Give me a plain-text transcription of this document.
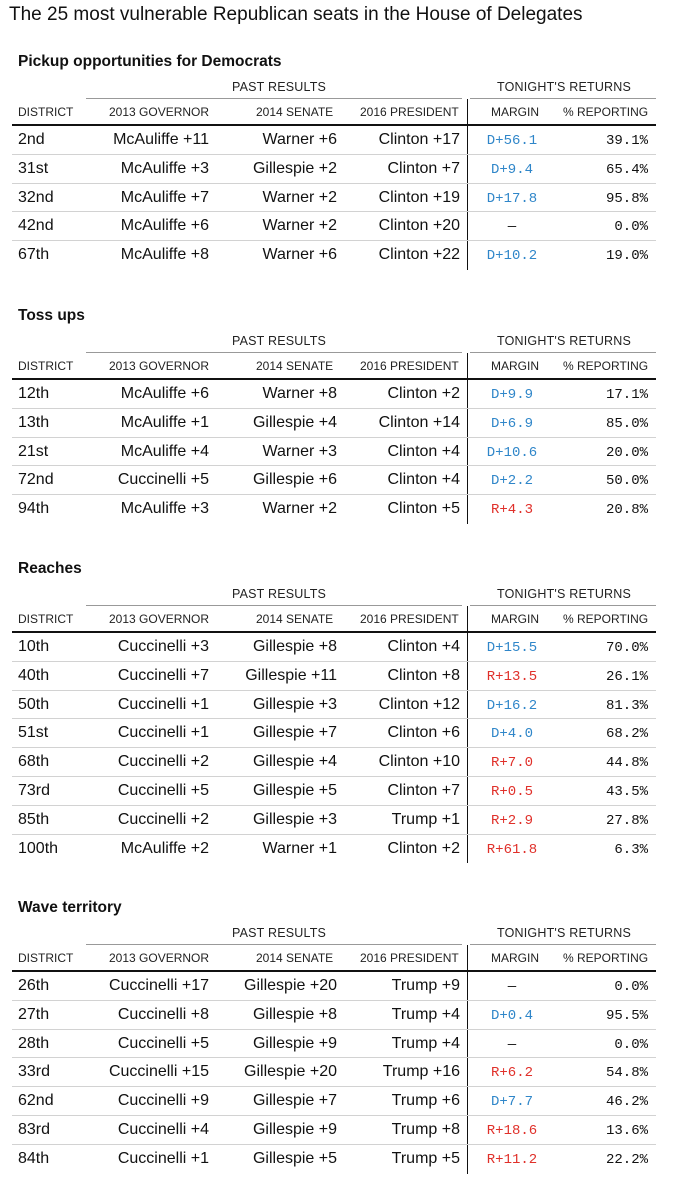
The 25 most vulnerable Republican seats in the House of Delegates
Pickup opportunities for Democrats
PAST RESULTS	TONIGHT'S RETURNS
DISTRICT	2013 GOVERNOR	2014 SENATE 2016 PRESIDENT	MARGIN % REPORTING
2nd	McAuliffe +11	Warner +6	Clinton +17	D+56.1	39.1%
31st	McAuliffe +3	Gillespie +2	Clinton +7	D+9.4	65.4%
32nd	McAuliffe +7	Warner +2	Clinton +19	D+17.8	95.8%
42nd	McAuliffe +6	Warner +2	Clinton +20	—	0.0%
67th	McAuliffe +8	Warner +6	Clinton +22	D+10.2	19.0%
Toss ups
PAST RESULTS	TONIGHT'S RETURNS
DISTRICT	2013 GOVERNOR	2014 SENATE 2016 PRESIDENT	MARGIN % REPORTING
12th	McAuliffe +6	Warner +8	Clinton +2	D+9.9	17.1%
13th	McAuliffe +1	Gillespie +4	Clinton +14	D+6.9	85.0%
21st	McAuliffe +4	Warner +3	Clinton +4	D+10.6	20.0%
72nd	Cuccinelli +5	Gillespie +6	Clinton +4	D+2.2	50.0%
94th	McAuliffe +3	Warner +2	Clinton +5	R+4.3	20.8%
Reaches
PAST RESULTS	TONIGHT'S RETURNS
DISTRICT	2013 GOVERNOR	2014 SENATE 2016 PRESIDENT	MARGIN % REPORTING
10th	Cuccinelli +3	Gillespie +8	Clinton +4	D+15.5	70.0%
40th	Cuccinelli +7	Gillespie +11	Clinton +8	R+13.5	26.1%
50th	Cuccinelli +1	Gillespie +3	Clinton +12	D+16.2	81.3%
51st	Cuccinelli +1	Gillespie +7	Clinton +6	D+4.0	68.2%
68th	Cuccinelli +2	Gillespie +4	Clinton +10	R+7.0	44.8%
73rd	Cuccinelli +5	Gillespie +5	Clinton +7	R+0.5	43.5%
85th	Cuccinelli +2	Gillespie +3	Trump +1	R+2.9	27.8%
100th	McAuliffe +2	Warner +1	Clinton +2	R+61.8	6.3%
Wave territory
PAST RESULTS	TONIGHT'S RETURNS
DISTRICT	2013 GOVERNOR	2014 SENATE 2016 PRESIDENT	MARGIN % REPORTING
26th	Cuccinelli +17	Gillespie +20	Trump +9	—	0.0%
27th	Cuccinelli +8	Gillespie +8	Trump +4	D+0.4	95.5%
28th	Cuccinelli +5	Gillespie +9	Trump +4	—	0.0%
33rd	Cuccinelli +15	Gillespie +20	Trump +16	R+6.2	54.8%
62nd	Cuccinelli +9	Gillespie +7	Trump +6	D+7.7	46.2%
83rd	Cuccinelli +4	Gillespie +9	Trump +8	R+18.6	13.6%
84th	Cuccinelli +1	Gillespie +5	Trump +5	R+11.2	22.2%
